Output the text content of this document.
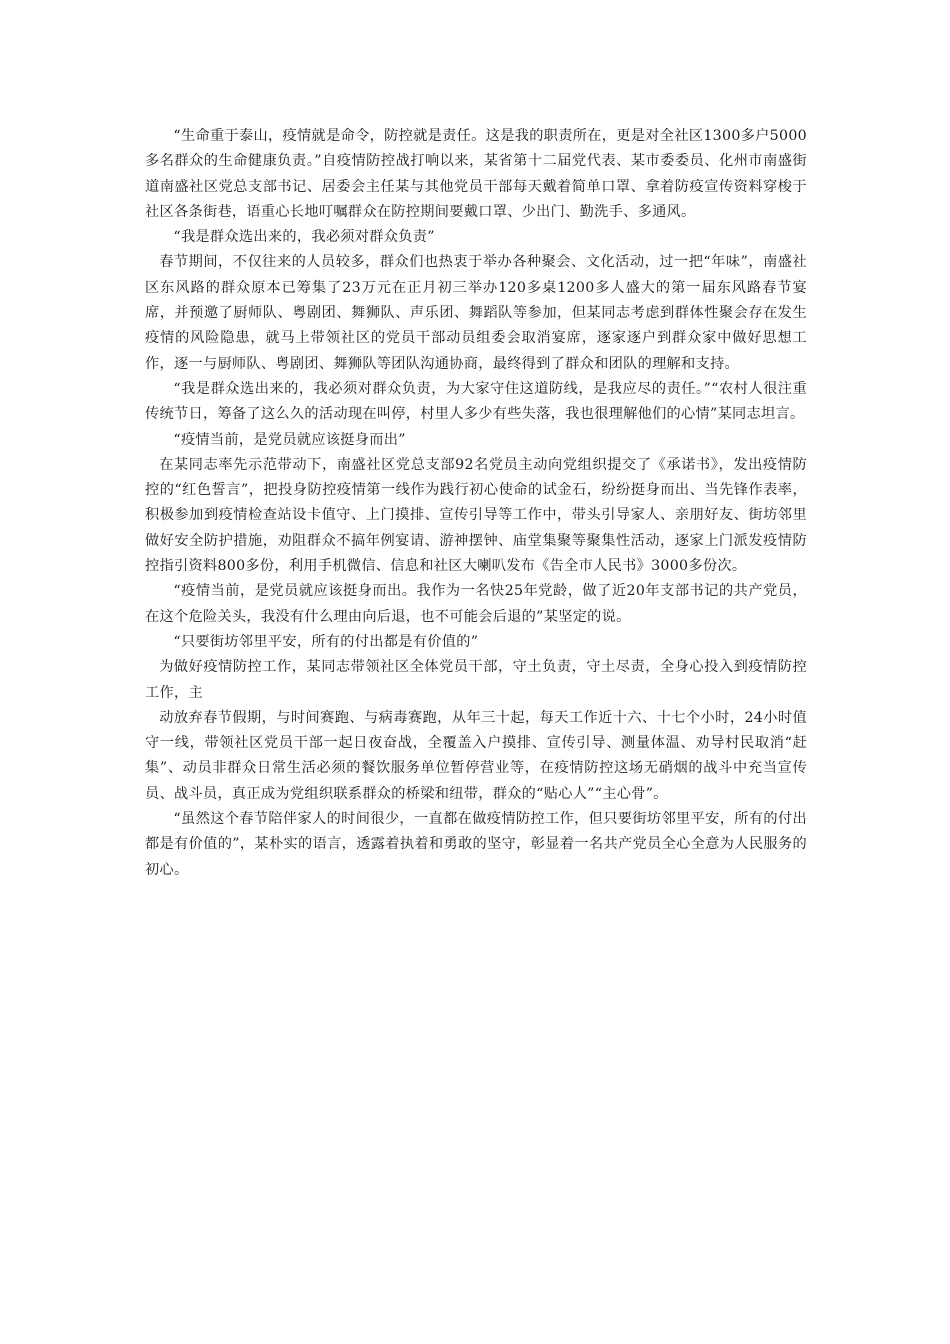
“生命重于泰山，疫情就是命令，防控就是责任。这是我的职责所在，更是对全社区1300多户5000多名群众的生命健康负责。”自疫情防控战打响以来，某省第十二届党代表、某市委委员、化州市南盛街道南盛社区党总支部书记、居委会主任某与其他党员干部每天戴着简单口罩、拿着防疫宣传资料穿梭于社区各条街巷，语重心长地叮嘱群众在防控期间要戴口罩、少出门、勤洗手、多通风。

“我是群众选出来的，我必须对群众负责”

春节期间，不仅往来的人员较多，群众们也热衷于举办各种聚会、文化活动，过一把“年味”，南盛社区东风路的群众原本已筹集了23万元在正月初三举办120多桌1200多人盛大的第一届东风路春节宴席，并预邀了厨师队、粤剧团、舞狮队、声乐团、舞蹈队等参加，但某同志考虑到群体性聚会存在发生疫情的风险隐患，就马上带领社区的党员干部动员组委会取消宴席，逐家逐户到群众家中做好思想工作，逐一与厨师队、粤剧团、舞狮队等团队沟通协商，最终得到了群众和团队的理解和支持。

“我是群众选出来的，我必须对群众负责，为大家守住这道防线，是我应尽的责任。”“农村人很注重传统节日，筹备了这么久的活动现在叫停，村里人多少有些失落，我也很理解他们的心情”某同志坦言。

“疫情当前，是党员就应该挺身而出”

在某同志率先示范带动下，南盛社区党总支部92名党员主动向党组织提交了《承诺书》，发出疫情防控的“红色誓言”，把投身防控疫情第一线作为践行初心使命的试金石，纷纷挺身而出、当先锋作表率，积极参加到疫情检查站设卡值守、上门摸排、宣传引导等工作中，带头引导家人、亲朋好友、街坊邻里做好安全防护措施，劝阻群众不搞年例宴请、游神摆钟、庙堂集聚等聚集性活动，逐家上门派发疫情防控指引资料800多份，利用手机微信、信息和社区大喇叭发布《告全市人民书》3000多份次。

“疫情当前，是党员就应该挺身而出。我作为一名快25年党龄，做了近20年支部书记的共产党员，在这个危险关头，我没有什么理由向后退，也不可能会后退的”某坚定的说。

“只要街坊邻里平安，所有的付出都是有价值的”

为做好疫情防控工作，某同志带领社区全体党员干部，守土负责，守土尽责，全身心投入到疫情防控工作，主

动放弃春节假期，与时间赛跑、与病毒赛跑，从年三十起，每天工作近十六、十七个小时，24小时值守一线，带领社区党员干部一起日夜奋战，全覆盖入户摸排、宣传引导、测量体温、劝导村民取消“赶集”、动员非群众日常生活必须的餐饮服务单位暂停营业等，在疫情防控这场无硝烟的战斗中充当宣传员、战斗员，真正成为党组织联系群众的桥梁和纽带，群众的“贴心人”“主心骨”。

“虽然这个春节陪伴家人的时间很少，一直都在做疫情防控工作，但只要街坊邻里平安，所有的付出都是有价值的”，某朴实的语言，透露着执着和勇敢的坚守，彰显着一名共产党员全心全意为人民服务的初心。
